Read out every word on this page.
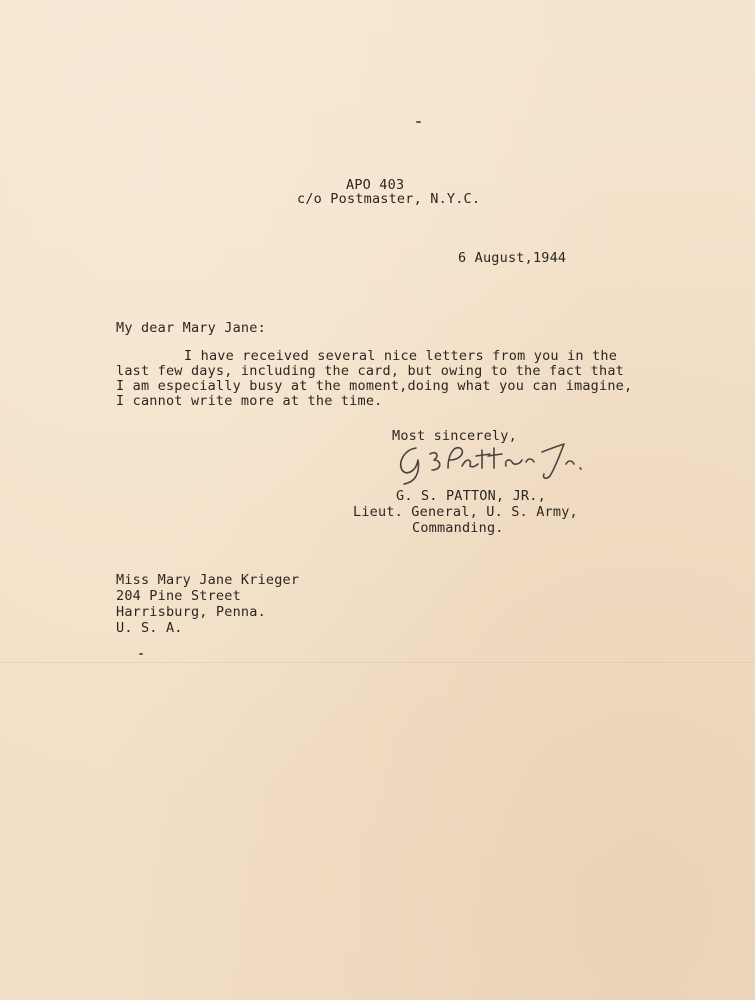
APO 403
c/o Postmaster, N.Y.C.
6 August,1944
My dear Mary Jane:
I have received several nice letters from you in the
last few days, including the card, but owing to the fact that
I am especially busy at the moment,doing what you can imagine,
I cannot write more at the time.
Most sincerely,
G. S. PATTON, JR.,
Lieut. General, U. S. Army,
Commanding.
Miss Mary Jane Krieger
204 Pine Street
Harrisburg, Penna.
U. S. A.
